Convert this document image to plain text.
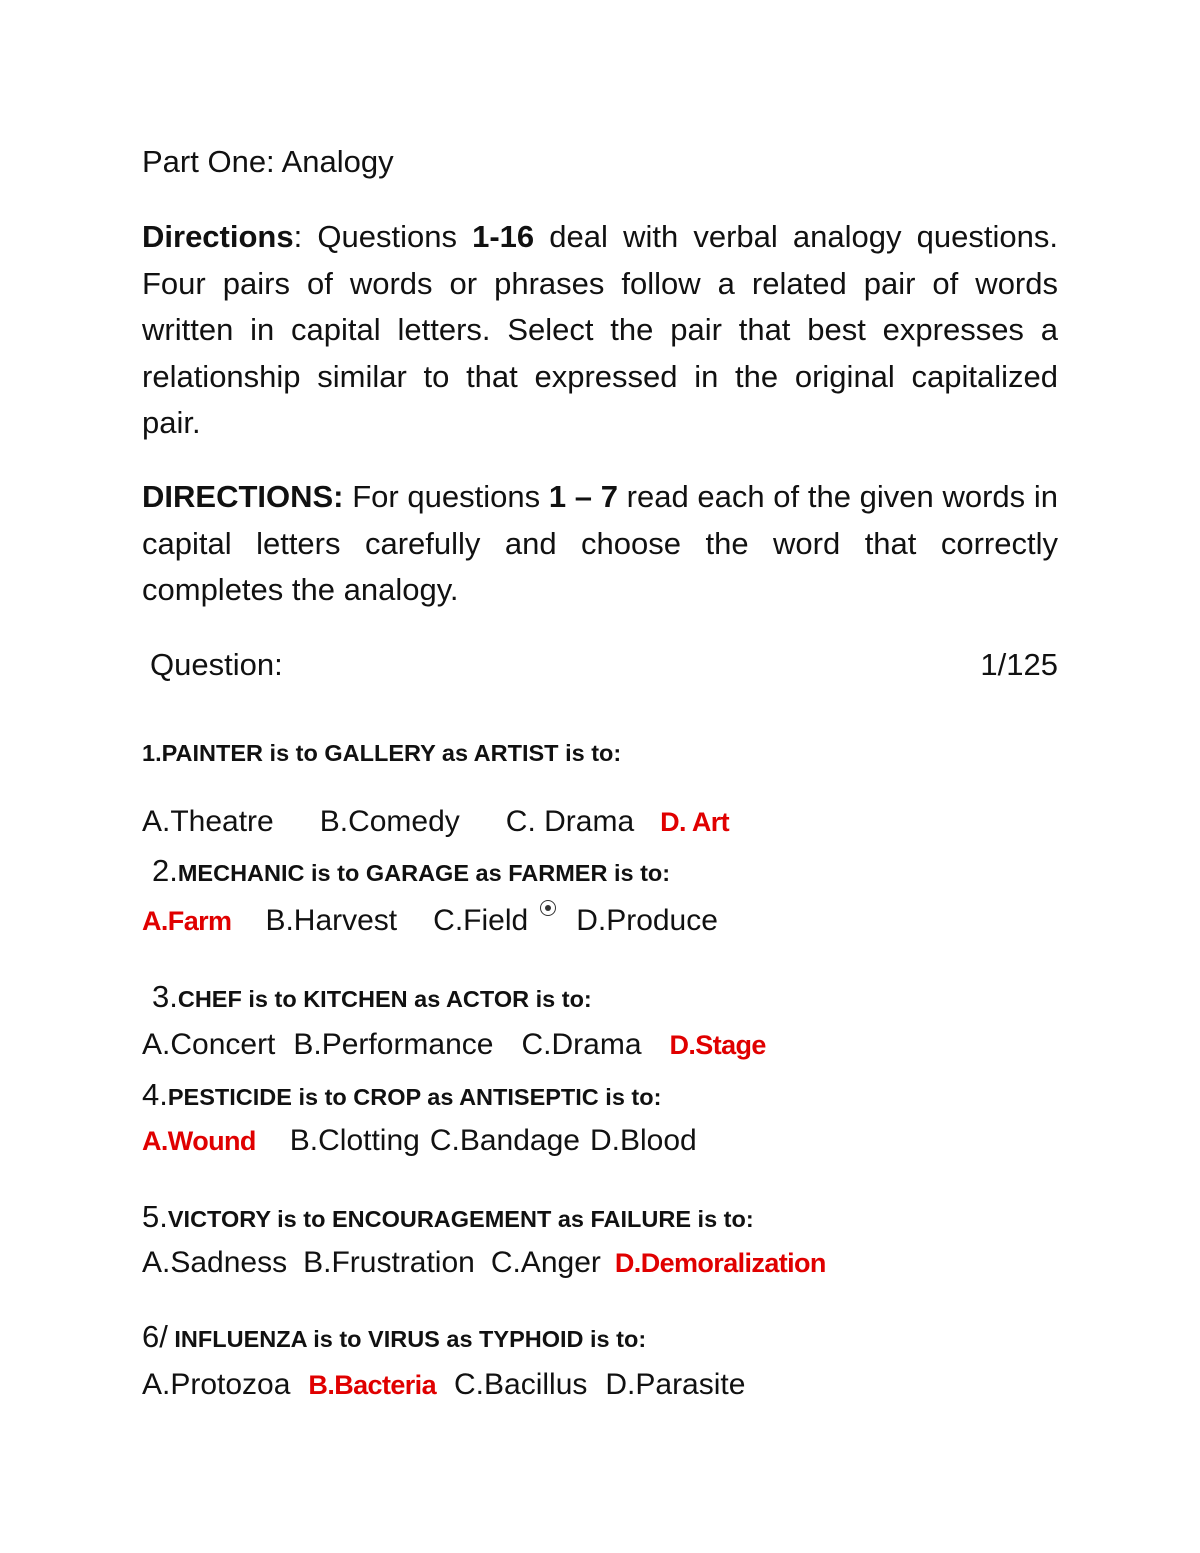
Part One: Analogy
Directions: Questions 1-16 deal with verbal analogy questions. Four pairs of words or phrases follow a related pair of words written in capital letters. Select the pair that best expresses a relationship similar to that expressed in the original capitalized pair.
DIRECTIONS: For questions 1 – 7 read each of the given words in capital letters carefully and choose the word that correctly completes the analogy.
Question:	1/125
1.PAINTER is to GALLERY as ARTIST is to:
A.Theatre B.Comedy C. Drama D. Art
2.MECHANIC is to GARAGE as FARMER is to:
A.Farm B.Harvest C.Field D.Produce
3.CHEF is to KITCHEN as ACTOR is to:
A.Concert B.Performance C.Drama D.Stage
4.PESTICIDE is to CROP as ANTISEPTIC is to:
A.Wound B.Clotting C.Bandage D.Blood
5.VICTORY is to ENCOURAGEMENT as FAILURE is to:
A.Sadness B.Frustration C.Anger D.Demoralization
6/ INFLUENZA is to VIRUS as TYPHOID is to:
A.Protozoa B.Bacteria C.Bacillus D.Parasite
